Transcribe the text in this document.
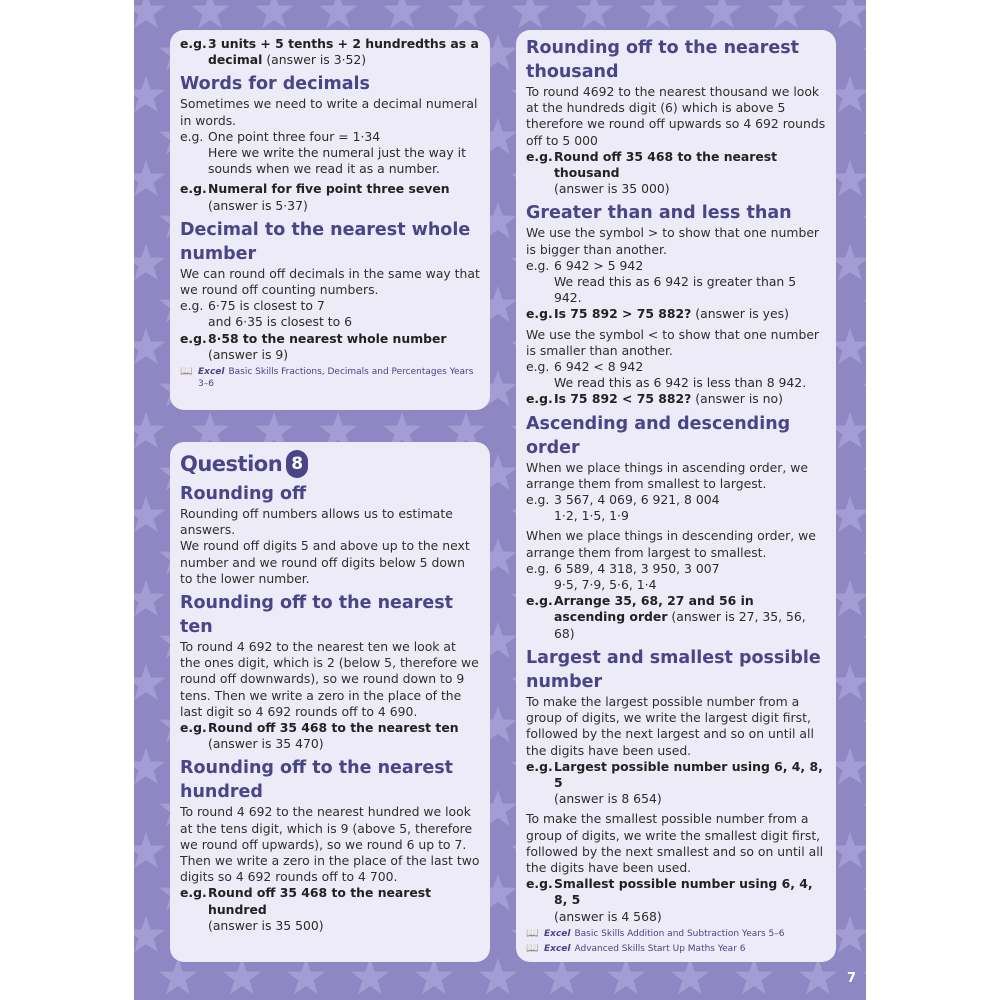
e.g. 3 units + 5 tenths + 2 hundredths as a decimal (answer is 3·52)
Words for decimals
Sometimes we need to write a decimal numeral in words.
e.g. One point three four = 1·34
Here we write the numeral just the way it sounds when we read it as a number.
e.g. Numeral for five point three seven
(answer is 5·37)
Decimal to the nearest whole number
We can round off decimals in the same way that we round off counting numbers.
e.g. 6·75 is closest to 7
and 6·35 is closest to 6
e.g. 8·58 to the nearest whole number
(answer is 9)
📖 Excel Basic Skills Fractions, Decimals and Percentages Years 3–6
Question 8
Rounding off
Rounding off numbers allows us to estimate answers.
We round off digits 5 and above up to the next number and we round off digits below 5 down to the lower number.
Rounding off to the nearest ten
To round 4 692 to the nearest ten we look at the ones digit, which is 2 (below 5, therefore we round off downwards), so we round down to 9 tens. Then we write a zero in the place of the last digit so 4 692 rounds off to 4 690.
e.g. Round off 35 468 to the nearest ten
(answer is 35 470)
Rounding off to the nearest hundred
To round 4 692 to the nearest hundred we look at the tens digit, which is 9 (above 5, therefore we round off upwards), so we round 6 up to 7. Then we write a zero in the place of the last two digits so 4 692 rounds off to 4 700.
e.g. Round off 35 468 to the nearest hundred
(answer is 35 500)
Rounding off to the nearest thousand
To round 4692 to the nearest thousand we look at the hundreds digit (6) which is above 5 therefore we round off upwards so 4 692 rounds off to 5 000
e.g. Round off 35 468 to the nearest thousand
(answer is 35 000)
Greater than and less than
We use the symbol > to show that one number is bigger than another.
e.g. 6 942 > 5 942
We read this as 6 942 is greater than 5 942.
e.g. Is 75 892 > 75 882? (answer is yes)
We use the symbol < to show that one number is smaller than another.
e.g. 6 942 < 8 942
We read this as 6 942 is less than 8 942.
e.g. Is 75 892 < 75 882? (answer is no)
Ascending and descending order
When we place things in ascending order, we arrange them from smallest to largest.
e.g. 3 567, 4 069, 6 921, 8 004
1·2, 1·5, 1·9
When we place things in descending order, we arrange them from largest to smallest.
e.g. 6 589, 4 318, 3 950, 3 007
9·5, 7·9, 5·6, 1·4
e.g. Arrange 35, 68, 27 and 56 in ascending order (answer is 27, 35, 56, 68)
Largest and smallest possible number
To make the largest possible number from a group of digits, we write the largest digit first, followed by the next largest and so on until all the digits have been used.
e.g. Largest possible number using 6, 4, 8, 5
(answer is 8 654)
To make the smallest possible number from a group of digits, we write the smallest digit first, followed by the next smallest and so on until all the digits have been used.
e.g. Smallest possible number using 6, 4, 8, 5
(answer is 4 568)
📖 Excel Basic Skills Addition and Subtraction Years 5–6
📖 Excel Advanced Skills Start Up Maths Year 6
7
